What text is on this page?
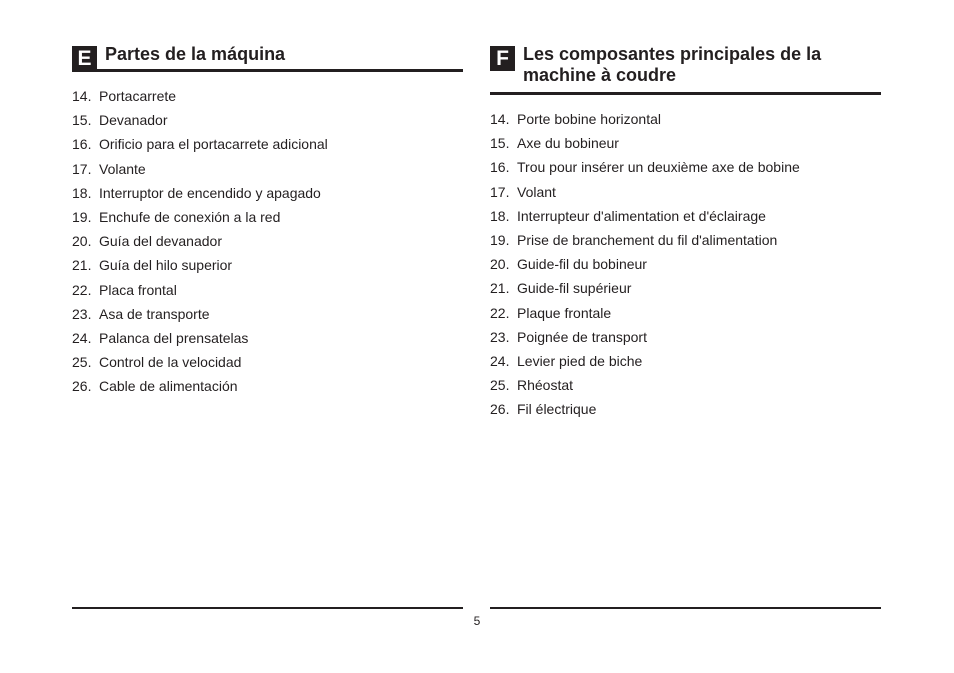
E Partes de la máquina
14. Portacarrete
15. Devanador
16. Orificio para el portacarrete adicional
17. Volante
18. Interruptor de encendido y apagado
19. Enchufe de conexión a la red
20. Guía del devanador
21. Guía del hilo superior
22. Placa frontal
23. Asa de transporte
24. Palanca del prensatelas
25. Control de la velocidad
26. Cable de alimentación
F Les composantes principales de la machine à coudre
14. Porte bobine horizontal
15. Axe du bobineur
16. Trou pour insérer un deuxième axe de bobine
17. Volant
18. Interrupteur d'alimentation et d'éclairage
19. Prise de branchement du fil d'alimentation
20. Guide-fil du bobineur
21. Guide-fil supérieur
22. Plaque frontale
23. Poignée de transport
24. Levier pied de biche
25. Rhéostat
26. Fil électrique
5
